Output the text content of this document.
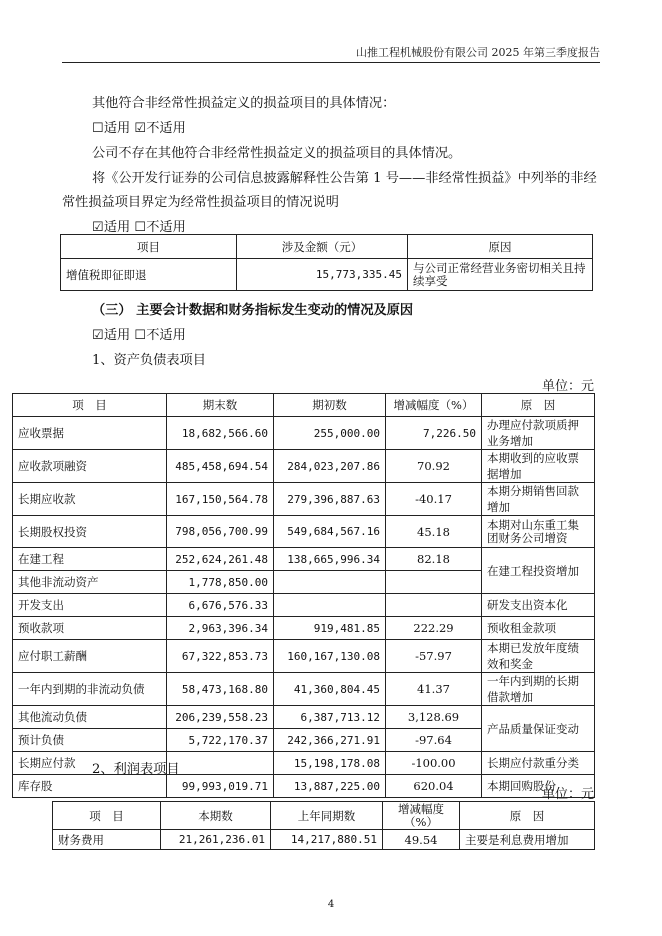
山推工程机械股份有限公司 2025 年第三季度报告
其他符合非经常性损益定义的损益项目的具体情况：
☐适用 ☑不适用
公司不存在其他符合非经常性损益定义的损益项目的具体情况。
将《公开发行证券的公司信息披露解释性公告第 1 号——非经常性损益》中列举的非经
常性损益项目界定为经常性损益项目的情况说明
☑适用 ☐不适用
项目	涉及金额（元）	原因
增值税即征即退	15,773,335.45	与公司正常经营业务密切相关且持续享受
（三） 主要会计数据和财务指标发生变动的情况及原因
☑适用 ☐不适用
1、资产负债表项目
单位：元
项　目	期末数	期初数	增减幅度（%）	原　因
应收票据	18,682,566.60	255,000.00	7,226.50	办理应付款项质押业务增加
应收款项融资	485,458,694.54	284,023,207.86	70.92	本期收到的应收票据增加
长期应收款	167,150,564.78	279,396,887.63	-40.17	本期分期销售回款增加
长期股权投资	798,056,700.99	549,684,567.16	45.18	本期对山东重工集团财务公司增资
在建工程	252,624,261.48	138,665,996.34	82.18	在建工程投资增加
其他非流动资产	1,778,850.00			
开发支出	6,676,576.33			研发支出资本化
预收款项	2,963,396.34	919,481.85	222.29	预收租金款项
应付职工薪酬	67,322,853.73	160,167,130.08	-57.97	本期已发放年度绩效和奖金
一年内到期的非流动负债	58,473,168.80	41,360,804.45	41.37	一年内到期的长期借款增加
其他流动负债	206,239,558.23	6,387,713.12	3,128.69	产品质量保证变动
预计负债	5,722,170.37	242,366,271.91	-97.64	
长期应付款		15,198,178.08	-100.00	长期应付款重分类
库存股	99,993,019.71	13,887,225.00	620.04	本期回购股份
2、利润表项目
单位：元
项　目	本期数	上年同期数	增减幅度（%）	原　因
财务费用	21,261,236.01	14,217,880.51	49.54	主要是利息费用增加
4
